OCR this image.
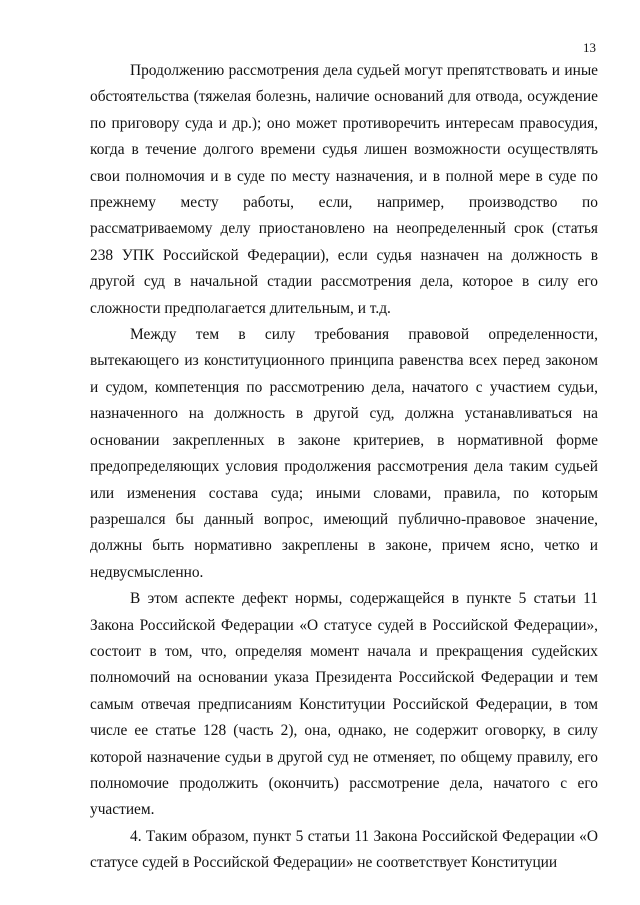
13

Продолжению рассмотрения дела судьей могут препятствовать и иные обстоятельства (тяжелая болезнь, наличие оснований для отвода, осуждение по приговору суда и др.); оно может противоречить интересам правосудия, когда в течение долгого времени судья лишен возможности осуществлять свои полномочия и в суде по месту назначения, и в полной мере в суде по прежнему месту работы, если, например, производство по рассматриваемому делу приостановлено на неопределенный срок (статья 238 УПК Российской Федерации), если судья назначен на должность в другой суд в начальной стадии рассмотрения дела, которое в силу его сложности предполагается длительным, и т.д.

Между тем в силу требования правовой определенности, вытекающего из конституционного принципа равенства всех перед законом и судом, компетенция по рассмотрению дела, начатого с участием судьи, назначенного на должность в другой суд, должна устанавливаться на основании закрепленных в законе критериев, в нормативной форме предопределяющих условия продолжения рассмотрения дела таким судьей или изменения состава суда; иными словами, правила, по которым разрешался бы данный вопрос, имеющий публично-правовое значение, должны быть нормативно закреплены в законе, причем ясно, четко и недвусмысленно.

В этом аспекте дефект нормы, содержащейся в пункте 5 статьи 11 Закона Российской Федерации «О статусе судей в Российской Федерации», состоит в том, что, определяя момент начала и прекращения судейских полномочий на основании указа Президента Российской Федерации и тем самым отвечая предписаниям Конституции Российской Федерации, в том числе ее статье 128 (часть 2), она, однако, не содержит оговорку, в силу которой назначение судьи в другой суд не отменяет, по общему правилу, его полномочие продолжить (окончить) рассмотрение дела, начатого с его участием.

4. Таким образом, пункт 5 статьи 11 Закона Российской Федерации «О статусе судей в Российской Федерации» не соответствует Конституции
